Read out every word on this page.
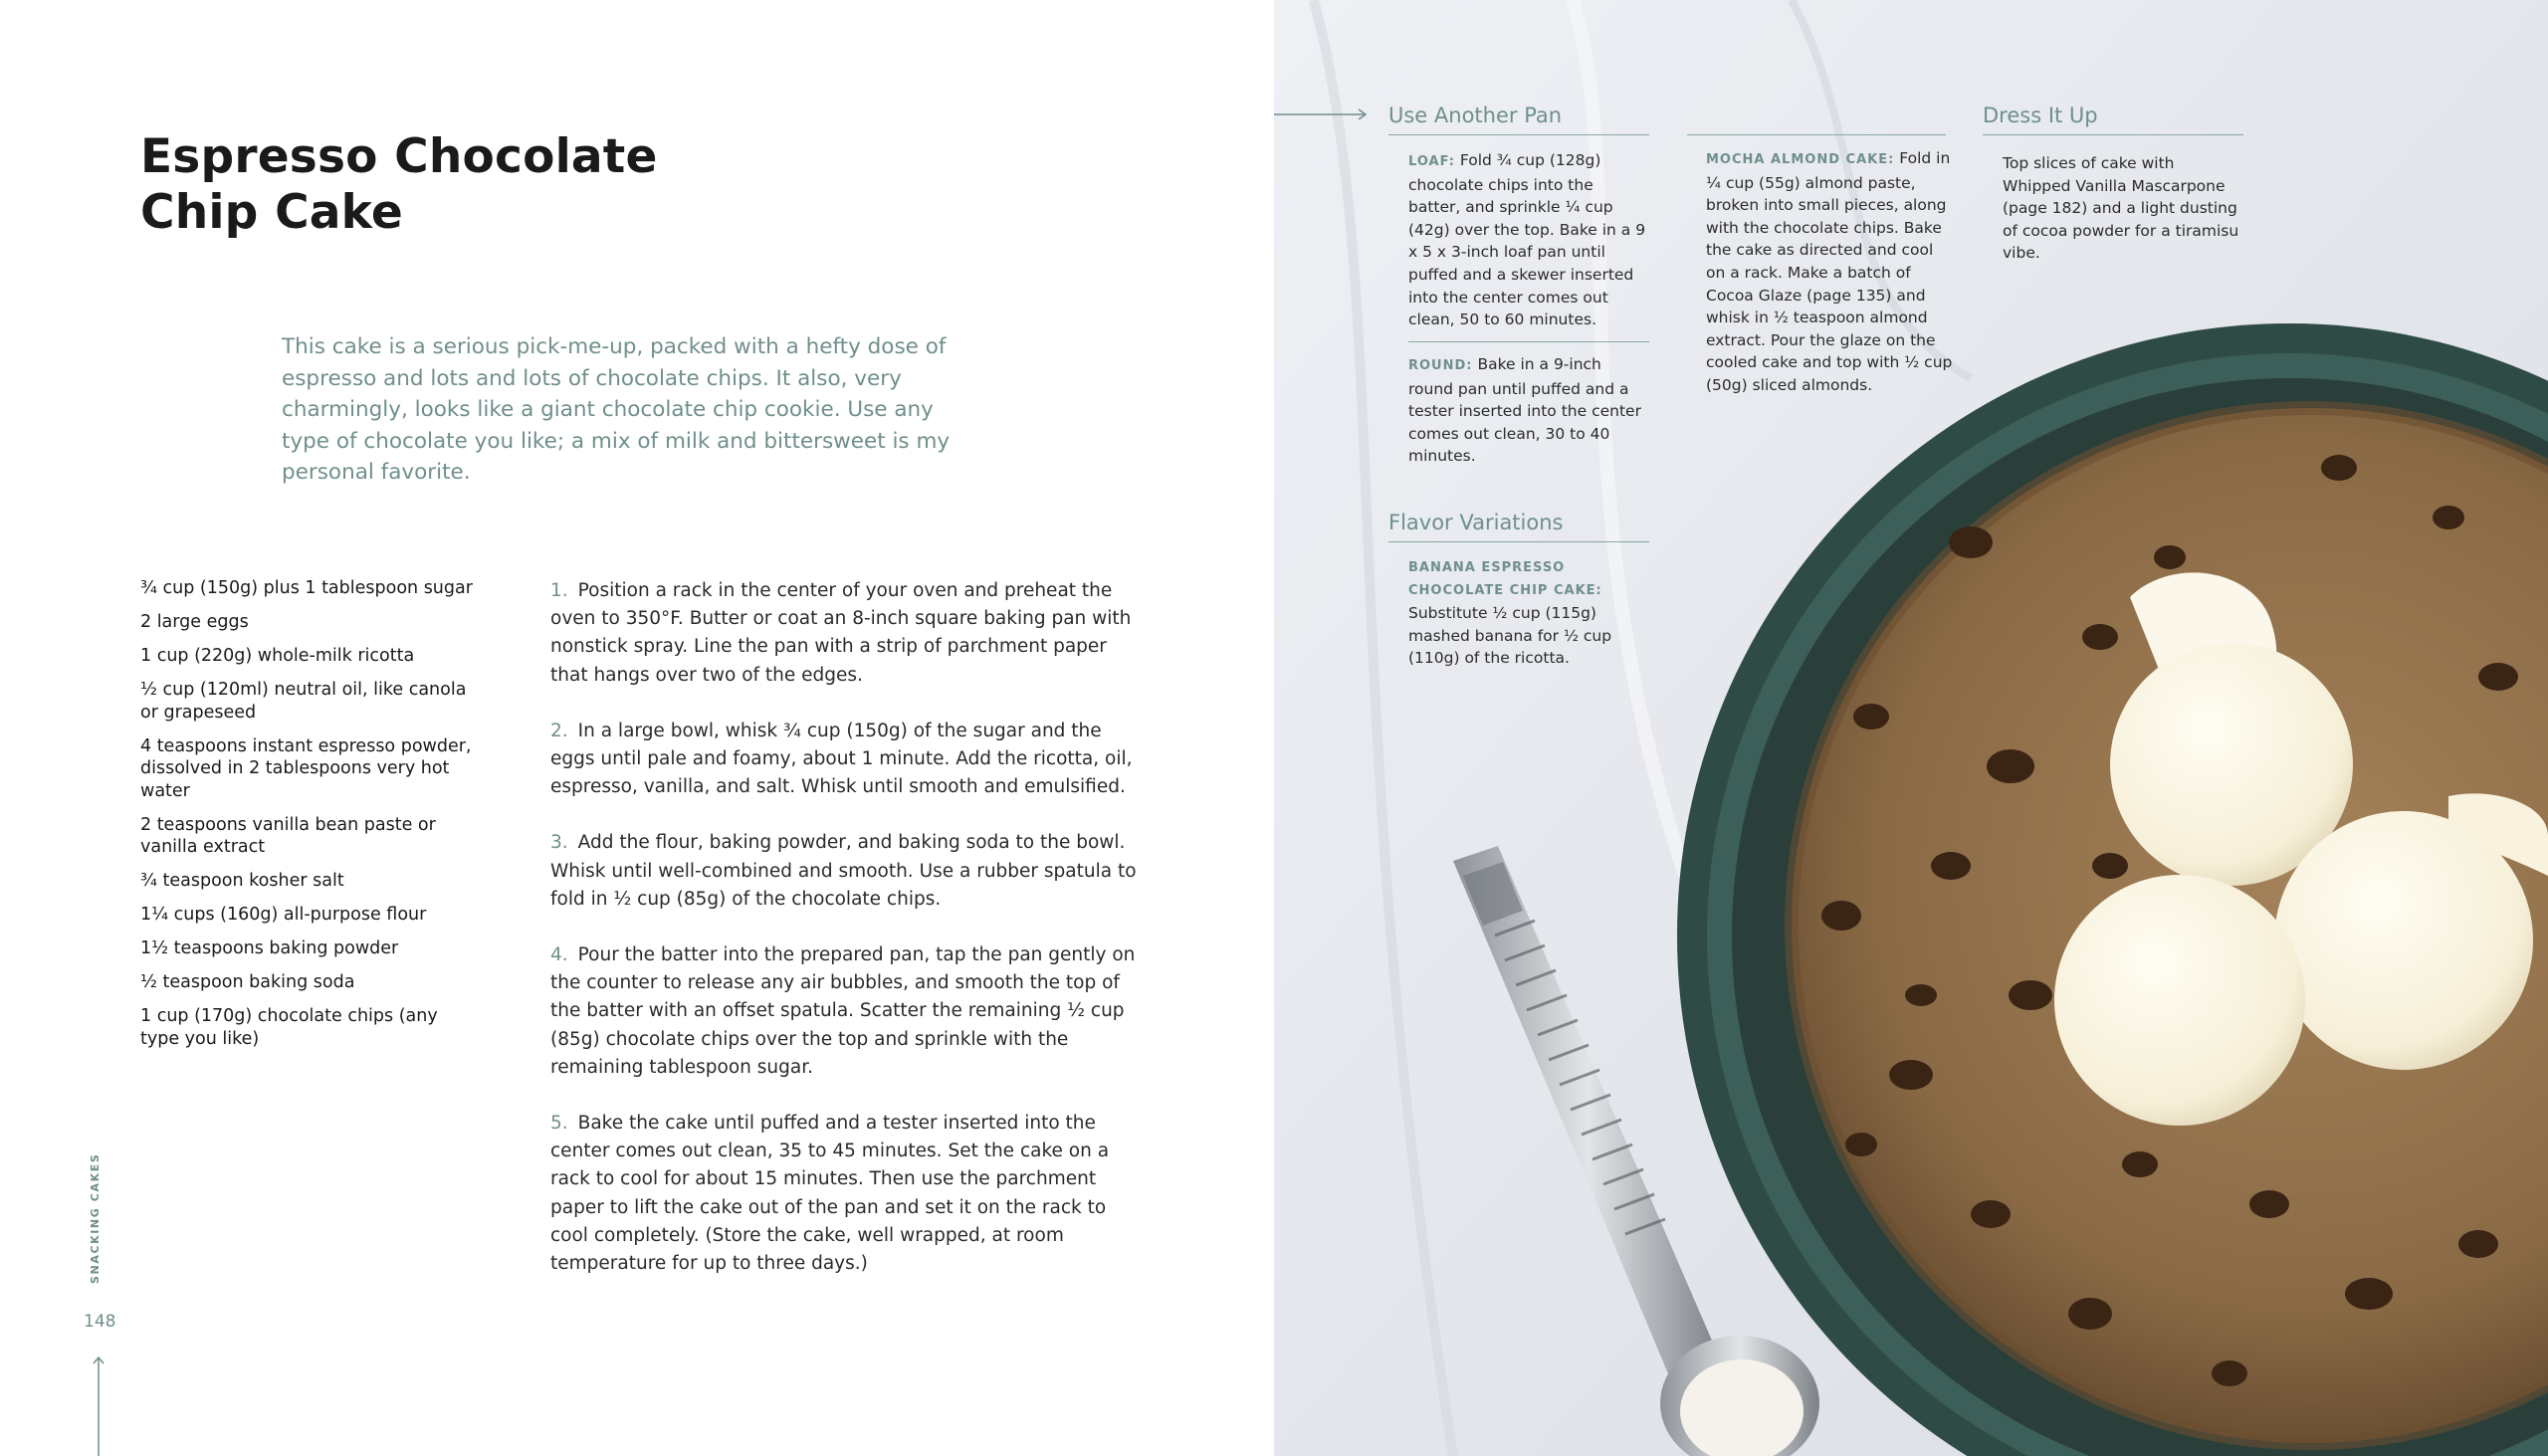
Espresso Chocolate
Chip Cake

This cake is a serious pick-me-up, packed with a hefty dose of espresso and lots and lots of chocolate chips. It also, very charmingly, looks like a giant chocolate chip cookie. Use any type of chocolate you like; a mix of milk and bittersweet is my personal favorite.

¾ cup (150g) plus 1 tablespoon sugar
2 large eggs
1 cup (220g) whole-milk ricotta
½ cup (120ml) neutral oil, like canola or grapeseed
4 teaspoons instant espresso powder, dissolved in 2 tablespoons very hot water
2 teaspoons vanilla bean paste or vanilla extract
¾ teaspoon kosher salt
1¼ cups (160g) all-purpose flour
1½ teaspoons baking powder
½ teaspoon baking soda
1 cup (170g) chocolate chips (any type you like)
1. Position a rack in the center of your oven and preheat the oven to 350°F. Butter or coat an 8-inch square baking pan with nonstick spray. Line the pan with a strip of parchment paper that hangs over two of the edges.
2. In a large bowl, whisk ¾ cup (150g) of the sugar and the eggs until pale and foamy, about 1 minute. Add the ricotta, oil, espresso, vanilla, and salt. Whisk until smooth and emulsified.
3. Add the flour, baking powder, and baking soda to the bowl. Whisk until well-combined and smooth. Use a rubber spatula to fold in ½ cup (85g) of the chocolate chips.
4. Pour the batter into the prepared pan, tap the pan gently on the counter to release any air bubbles, and smooth the top of the batter with an offset spatula. Scatter the remaining ½ cup (85g) chocolate chips over the top and sprinkle with the remaining tablespoon sugar.
5. Bake the cake until puffed and a tester inserted into the center comes out clean, 35 to 45 minutes. Set the cake on a rack to cool for about 15 minutes. Then use the parchment paper to lift the cake out of the pan and set it on the rack to cool completely. (Store the cake, well wrapped, at room temperature for up to three days.)
SNACKING CAKES
148
Use Another Pan

LOAF: Fold ¾ cup (128g) chocolate chips into the batter, and sprinkle ¼ cup (42g) over the top. Bake in a 9 x 5 x 3-inch loaf pan until puffed and a skewer inserted into the center comes out clean, 50 to 60 minutes.

ROUND: Bake in a 9-inch round pan until puffed and a tester inserted into the center comes out clean, 30 to 40 minutes.

MOCHA ALMOND CAKE: Fold in ¼ cup (55g) almond paste, broken into small pieces, along with the chocolate chips. Bake the cake as directed and cool on a rack. Make a batch of Cocoa Glaze (page 135) and whisk in ½ teaspoon almond extract. Pour the glaze on the cooled cake and top with ½ cup (50g) sliced almonds.

Dress It Up

Top slices of cake with Whipped Vanilla Mascarpone (page 182) and a light dusting of cocoa powder for a tiramisu vibe.

Flavor Variations

BANANA ESPRESSO CHOCOLATE CHIP CAKE:
Substitute ½ cup (115g) mashed banana for ½ cup (110g) of the ricotta.
